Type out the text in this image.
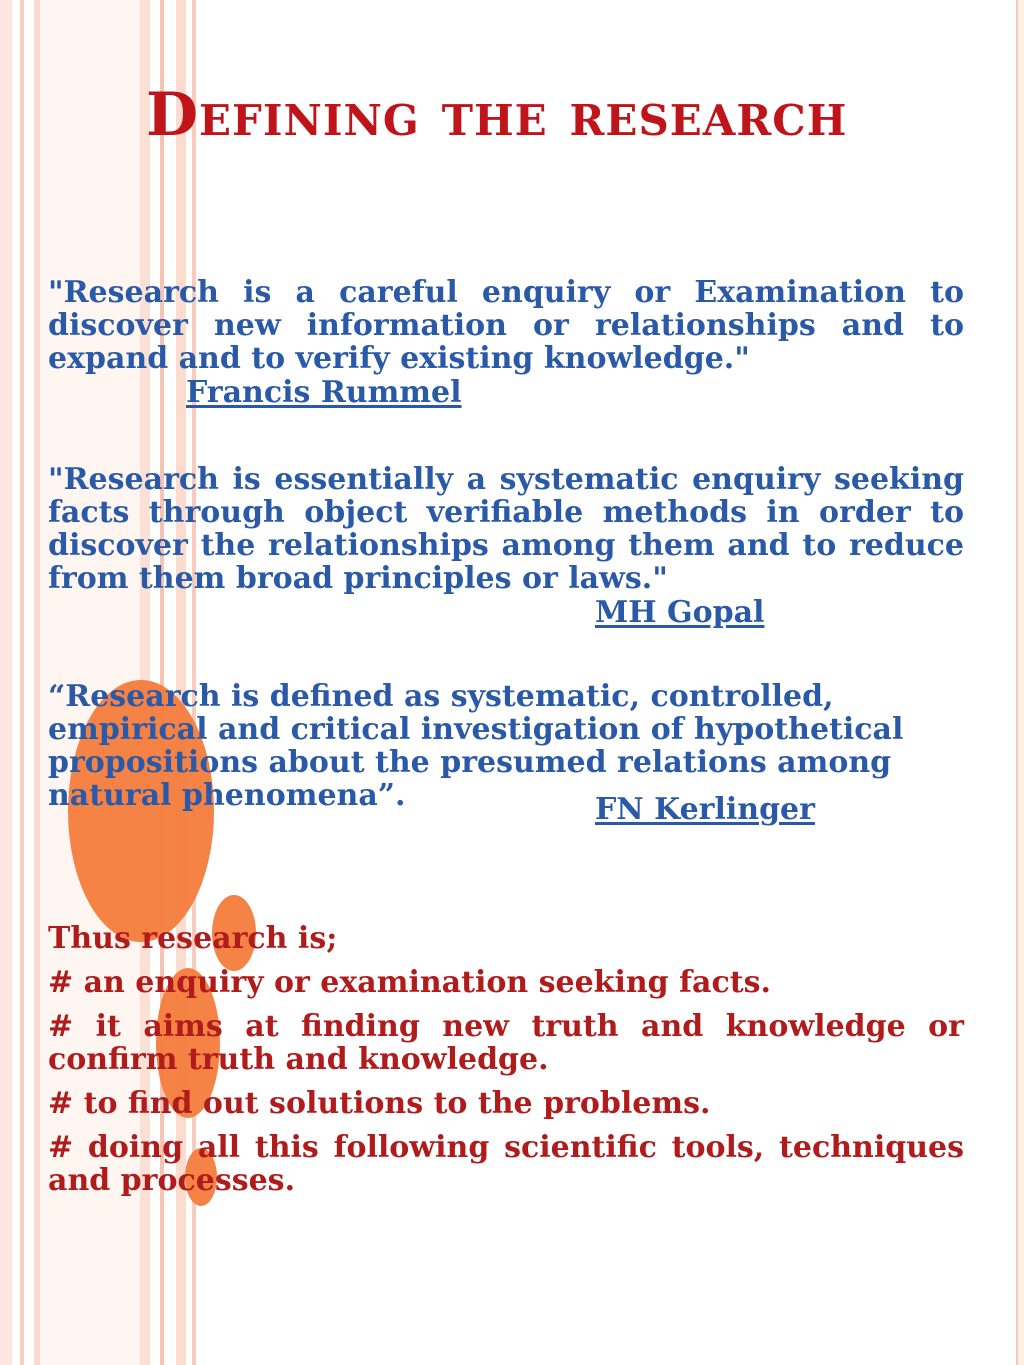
Defining the research
"Research is a careful enquiry or Examination to discover new information or relationships and to expand and to verify existing knowledge."
Francis Rummel
"Research is essentially a systematic enquiry seeking facts through object verifiable methods in order to discover the relationships among them and to reduce from them broad principles or laws."
MH Gopal
“Research is defined as systematic, controlled, empirical and critical investigation of hypothetical propositions about the presumed relations among natural phenomena”.	FN Kerlinger
Thus research is;
# an enquiry or examination seeking facts.
# it aims at finding new truth and knowledge or confirm truth and knowledge.
# to find out solutions to the problems.
# doing all this following scientific tools, techniques and processes.
